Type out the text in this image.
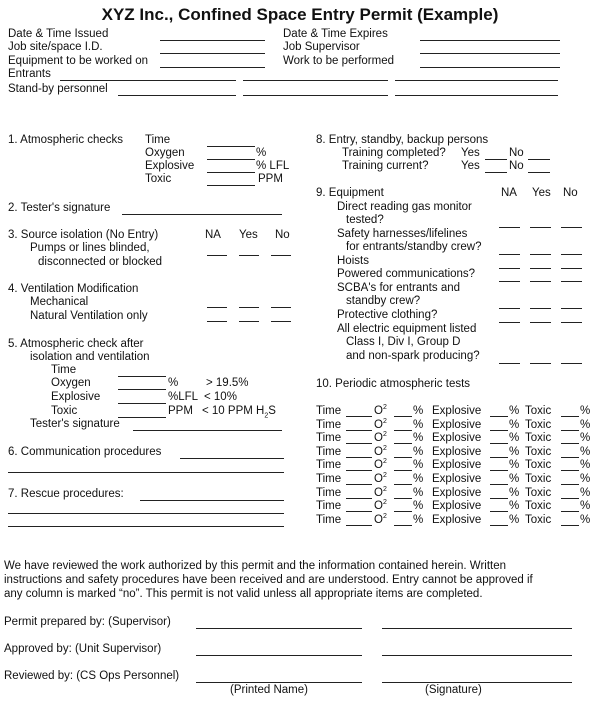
XYZ Inc., Confined Space Entry Permit (Example)
Date & Time Issued	Date & Time Expires
Job site/space I.D.	Job Supervisor
Equipment to be worked on	Work to be performed
Entrants
Stand-by personnel
1. Atmospheric checks Time
Oxygen	%
Explosive	% LFL
Toxic	PPM
2. Tester's signature
3. Source isolation (No Entry)	NA Yes No
Pumps or lines blinded,
disconnected or blocked
4. Ventilation Modification
Mechanical
Natural Ventilation only
5. Atmospheric check after
isolation and ventilation
Time
Oxygen	% > 19.5%
Explosive	%LFL < 10%
Toxic	PPM < 10 PPM $H_2S$
Tester's signature
6. Communication procedures
7. Rescue procedures:
8. Entry, standby, backup persons
Training completed? Yes	No
Training current?	Yes	No
9. Equipment	NA Yes No
Direct reading gas monitor
tested?
Safety harnesses/lifelines
for entrants/standby crew?
Hoists
Powered communications?
SCBA's for entrants and
standby crew?
Protective clothing?
All electric equipment listed
Class I, Div I, Group D
and non-spark producing?
10. Periodic atmospheric tests
Time	$O^2$ % Explosive % Toxic	%
Time	$O^2$ % Explosive % Toxic	%
Time	$O^2$ % Explosive % Toxic	%
Time	$O^2$ % Explosive % Toxic	%
Time	$O^2$ % Explosive % Toxic	%
Time	$O^2$ % Explosive % Toxic	%
Time	$O^2$ % Explosive % Toxic	%
Time	$O^2$ % Explosive % Toxic	%
Time	$O^2$ % Explosive % Toxic	%
We have reviewed the work authorized by this permit and the information contained herein. Written
instructions and safety procedures have been received and are understood. Entry cannot be approved if
any column is marked “no”. This permit is not valid unless all appropriate items are completed.
Permit prepared by: (Supervisor)
Approved by: (Unit Supervisor)
Reviewed by: (CS Ops Personnel)
(Printed Name)	(Signature)
